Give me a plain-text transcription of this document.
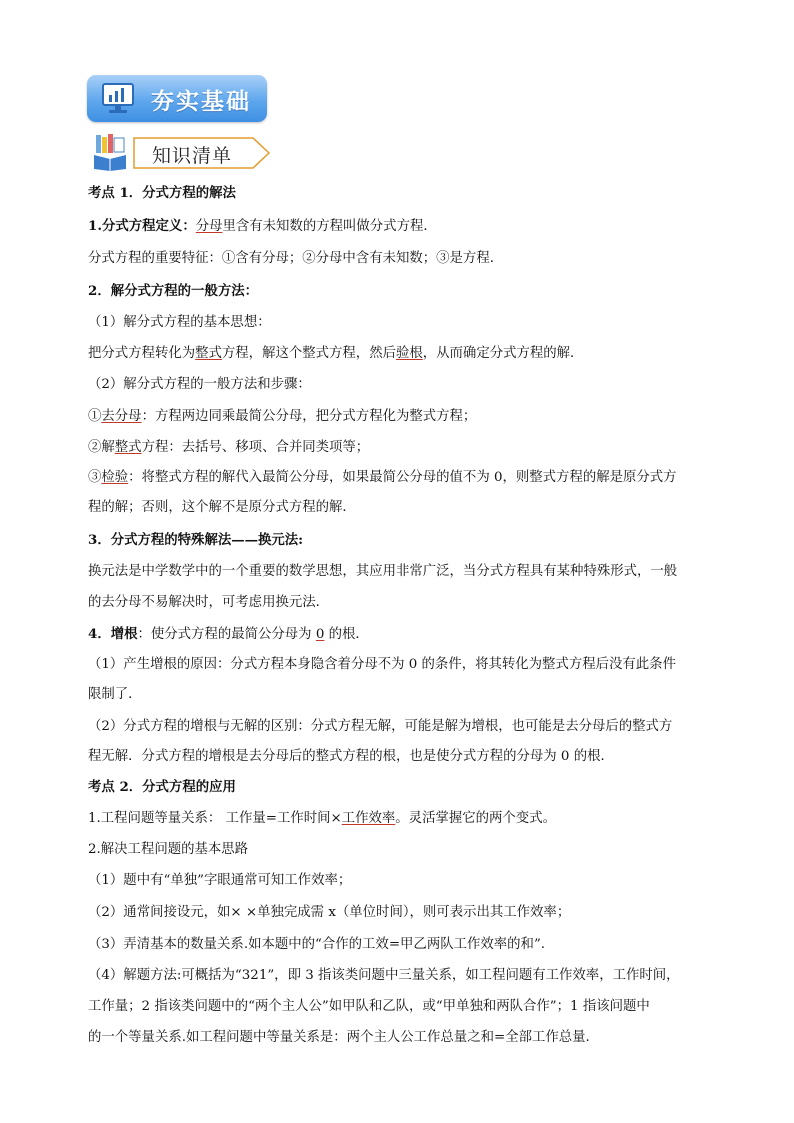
夯实基础
知识清单
考点 1．分式方程的解法
1.分式方程定义：分母里含有未知数的方程叫做分式方程．
分式方程的重要特征：①含有分母；②分母中含有未知数；③是方程．
2．解分式方程的一般方法：
（1）解分式方程的基本思想：
把分式方程转化为整式方程，解这个整式方程，然后验根，从而确定分式方程的解．
（2）解分式方程的一般方法和步骤：
①去分母：方程两边同乘最简公分母，把分式方程化为整式方程；
②解整式方程：去括号、移项、合并同类项等；
③检验：将整式方程的解代入最简公分母，如果最简公分母的值不为 0，则整式方程的解是原分式方
程的解；否则，这个解不是原分式方程的解．
3．分式方程的特殊解法——换元法:
换元法是中学数学中的一个重要的数学思想，其应用非常广泛，当分式方程具有某种特殊形式，一般
的去分母不易解决时，可考虑用换元法．
4．增根：使分式方程的最简公分母为 0 的根．
（1）产生增根的原因：分式方程本身隐含着分母不为 0 的条件，将其转化为整式方程后没有此条件
限制了．
（2）分式方程的增根与无解的区别：分式方程无解，可能是解为增根，也可能是去分母后的整式方
程无解．分式方程的增根是去分母后的整式方程的根，也是使分式方程的分母为 0 的根．
考点 2．分式方程的应用
1.工程问题等量关系： 工作量=工作时间×工作效率。灵活掌握它的两个变式。
2.解决工程问题的基本思路
（1）题中有“单独”字眼通常可知工作效率；
（2）通常间接设元，如× ×单独完成需 x（单位时间），则可表示出其工作效率；
（3）弄清基本的数量关系.如本题中的“合作的工效=甲乙两队工作效率的和”.
（4）解题方法:可概括为“321”，即 3 指该类问题中三量关系，如工程问题有工作效率，工作时间，
工作量；2 指该类问题中的“两个主人公”如甲队和乙队，或“甲单独和两队合作”；1 指该问题中
的一个等量关系.如工程问题中等量关系是：两个主人公工作总量之和=全部工作总量.
